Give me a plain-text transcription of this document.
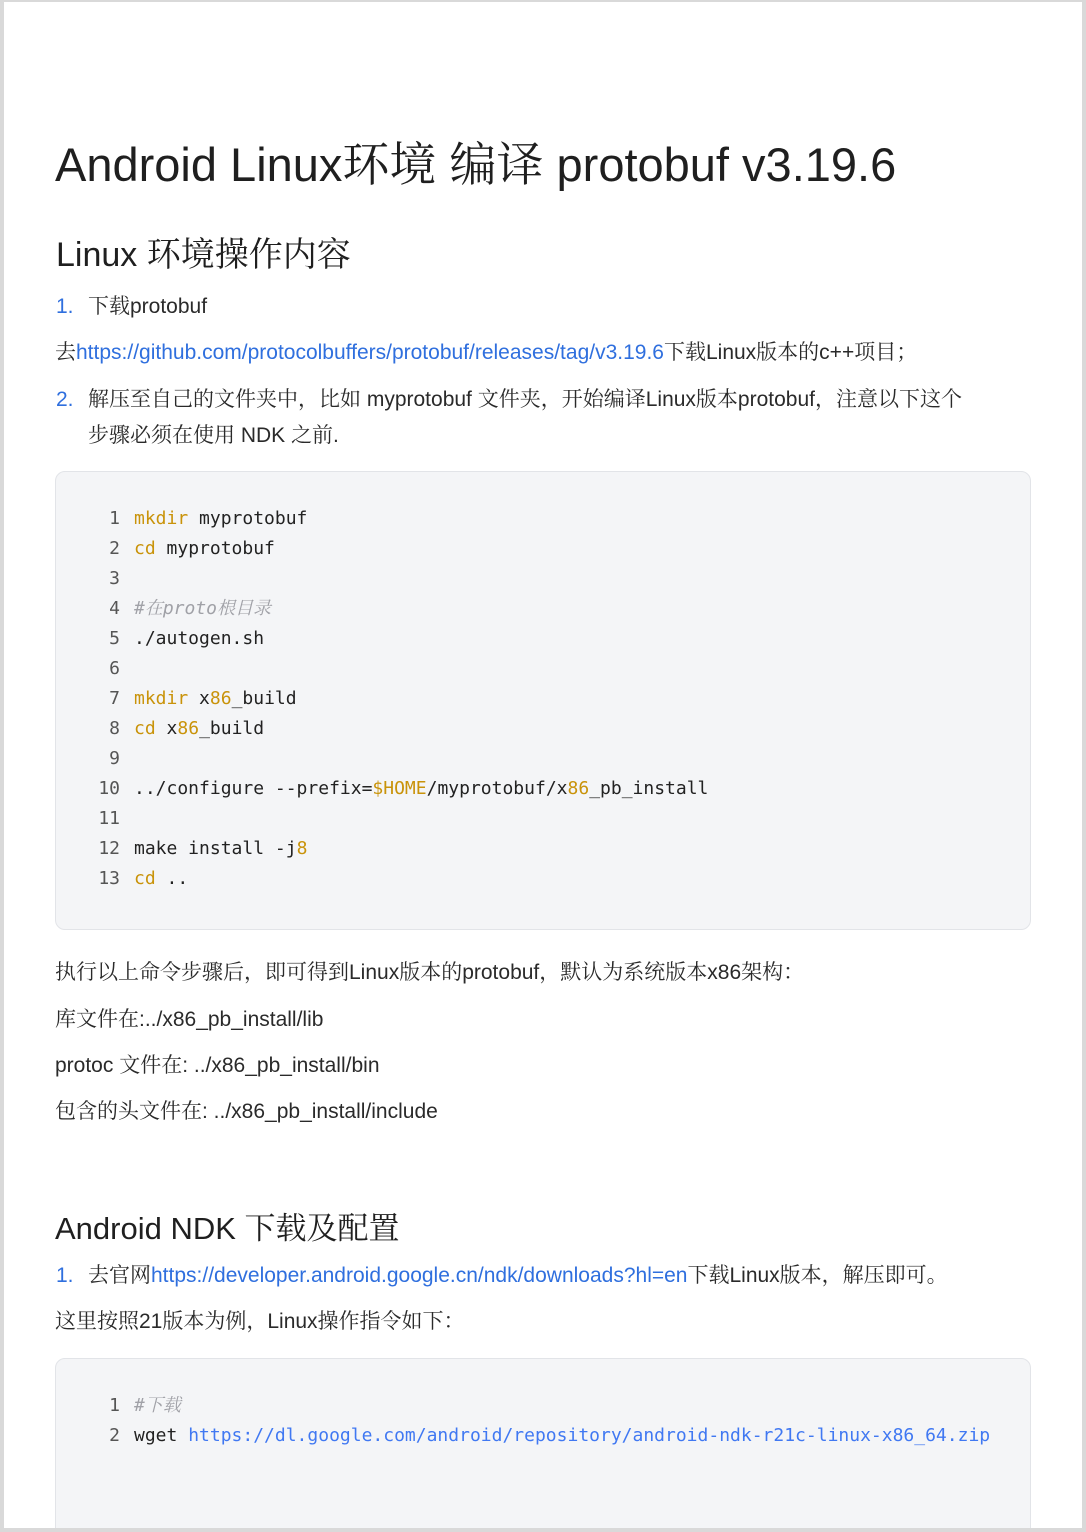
Android Linux环境 编译 protobuf v3.19.6
Linux 环境操作内容
1. 下载protobuf
去https://github.com/protocolbuffers/protobuf/releases/tag/v3.19.6下载Linux版本的c++项目；
2. 解压至自己的文件夹中，比如 myprotobuf 文件夹，开始编译Linux版本protobuf，注意以下这个
步骤必须在使用 NDK 之前.
1 mkdir myprotobuf
2 cd myprotobuf
3
4 #在proto根目录
5 ./autogen.sh
6
7 mkdir x86_build
8 cd x86_build
9
10 ../configure --prefix=$HOME/myprotobuf/x86_pb_install
11
12 make install -j8
13 cd ..
执行以上命令步骤后，即可得到Linux版本的protobuf，默认为系统版本x86架构：
库文件在:../x86_pb_install/lib
protoc 文件在: ../x86_pb_install/bin
包含的头文件在: ../x86_pb_install/include
Android NDK 下载及配置
1. 去官网https://developer.android.google.cn/ndk/downloads?hl=en下载Linux版本，解压即可。
这里按照21版本为例，Linux操作指令如下：
1 #下载
2 wget https://dl.google.com/android/repository/android-ndk-r21c-linux-x86_64.zip
